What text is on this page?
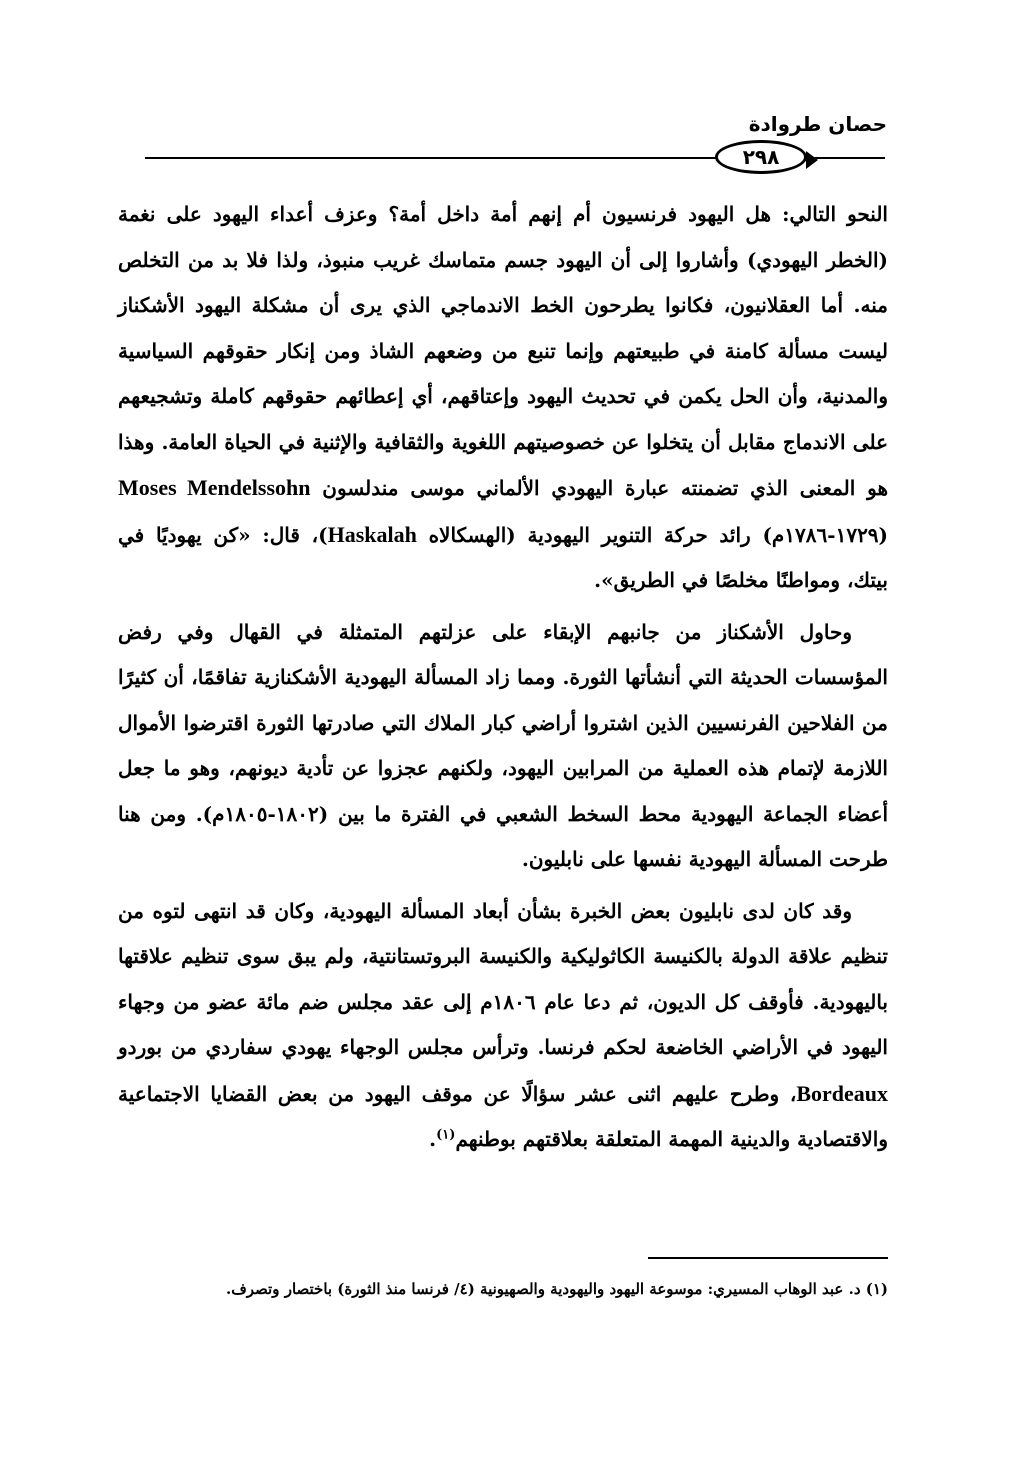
حصان طروادة
٢٩٨

النحو التالي: هل اليهود فرنسيون أم إنهم أمة داخل أمة؟ وعزف أعداء اليهود على نغمة (الخطر اليهودي) وأشاروا إلى أن اليهود جسم متماسك غريب منبوذ، ولذا فلا بد من التخلص منه. أما العقلانيون، فكانوا يطرحون الخط الاندماجي الذي يرى أن مشكلة اليهود الأشكناز ليست مسألة كامنة في طبيعتهم وإنما تنبع من وضعهم الشاذ ومن إنكار حقوقهم السياسية والمدنية، وأن الحل يكمن في تحديث اليهود وإعتاقهم، أي إعطائهم حقوقهم كاملة وتشجيعهم على الاندماج مقابل أن يتخلوا عن خصوصيتهم اللغوية والثقافية والإثنية في الحياة العامة. وهذا هو المعنى الذي تضمنته عبارة اليهودي الألماني موسى مندلسون Moses Mendelssohn (١٧٢٩-١٧٨٦م) رائد حركة التنوير اليهودية (الهسكالاه Haskalah)، قال: «كن يهوديًا في بيتك، ومواطنًا مخلصًا في الطريق».

وحاول الأشكناز من جانبهم الإبقاء على عزلتهم المتمثلة في القهال وفي رفض المؤسسات الحديثة التي أنشأتها الثورة. ومما زاد المسألة اليهودية الأشكنازية تفاقمًا، أن كثيرًا من الفلاحين الفرنسيين الذين اشتروا أراضي كبار الملاك التي صادرتها الثورة اقترضوا الأموال اللازمة لإتمام هذه العملية من المرابين اليهود، ولكنهم عجزوا عن تأدية ديونهم، وهو ما جعل أعضاء الجماعة اليهودية محط السخط الشعبي في الفترة ما بين (١٨٠٢-١٨٠٥م). ومن هنا طرحت المسألة اليهودية نفسها على نابليون.

وقد كان لدى نابليون بعض الخبرة بشأن أبعاد المسألة اليهودية، وكان قد انتهى لتوه من تنظيم علاقة الدولة بالكنيسة الكاثوليكية والكنيسة البروتستانتية، ولم يبق سوى تنظيم علاقتها باليهودية. فأوقف كل الديون، ثم دعا عام ١٨٠٦م إلى عقد مجلس ضم مائة عضو من وجهاء اليهود في الأراضي الخاضعة لحكم فرنسا. وترأس مجلس الوجهاء يهودي سفاردي من بوردو Bordeaux، وطرح عليهم اثنى عشر سؤالًا عن موقف اليهود من بعض القضايا الاجتماعية والاقتصادية والدينية المهمة المتعلقة بعلاقتهم بوطنهم$^{(١)}$.

(١) د. عبد الوهاب المسيري: موسوعة اليهود واليهودية والصهيونية (٤/ فرنسا منذ الثورة) باختصار وتصرف.
